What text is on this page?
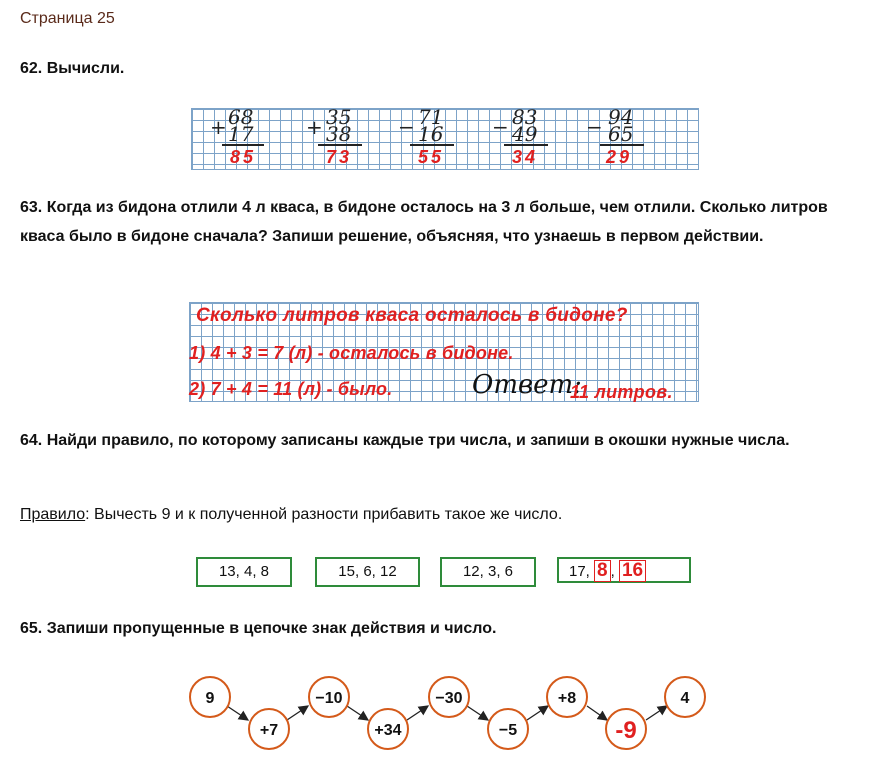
Страница 25
62. Вычисли.
+ 68
17
85
+ 35
38
73
− 71
16
55
− 83
49
34
− 94
65
29
63. Когда из бидона отлили 4 л кваса, в бидоне осталось на 3 л больше, чем отлили. Сколько литров кваса было в бидоне сначала? Запиши решение, объясняя, что узнаешь в первом действии.
Сколько литров кваса осталось в бидоне?
1) 4 + 3 = 7 (л) - осталось в бидоне.
2) 7 + 4 = 11 (л) - было.	Ответ:
11 литров.
64. Найди правило, по которому записаны каждые три числа, и запиши в окошки нужные числа.
Правило: Вычесть 9 и к полученной разности прибавить такое же число.
13, 4, 8	15, 6, 12	12, 3, 6	17, 8 , 16
65. Запиши пропущенные в цепочке знак действия и число.
9
+7
−10
+34
−30
−5
+8
-9
4
